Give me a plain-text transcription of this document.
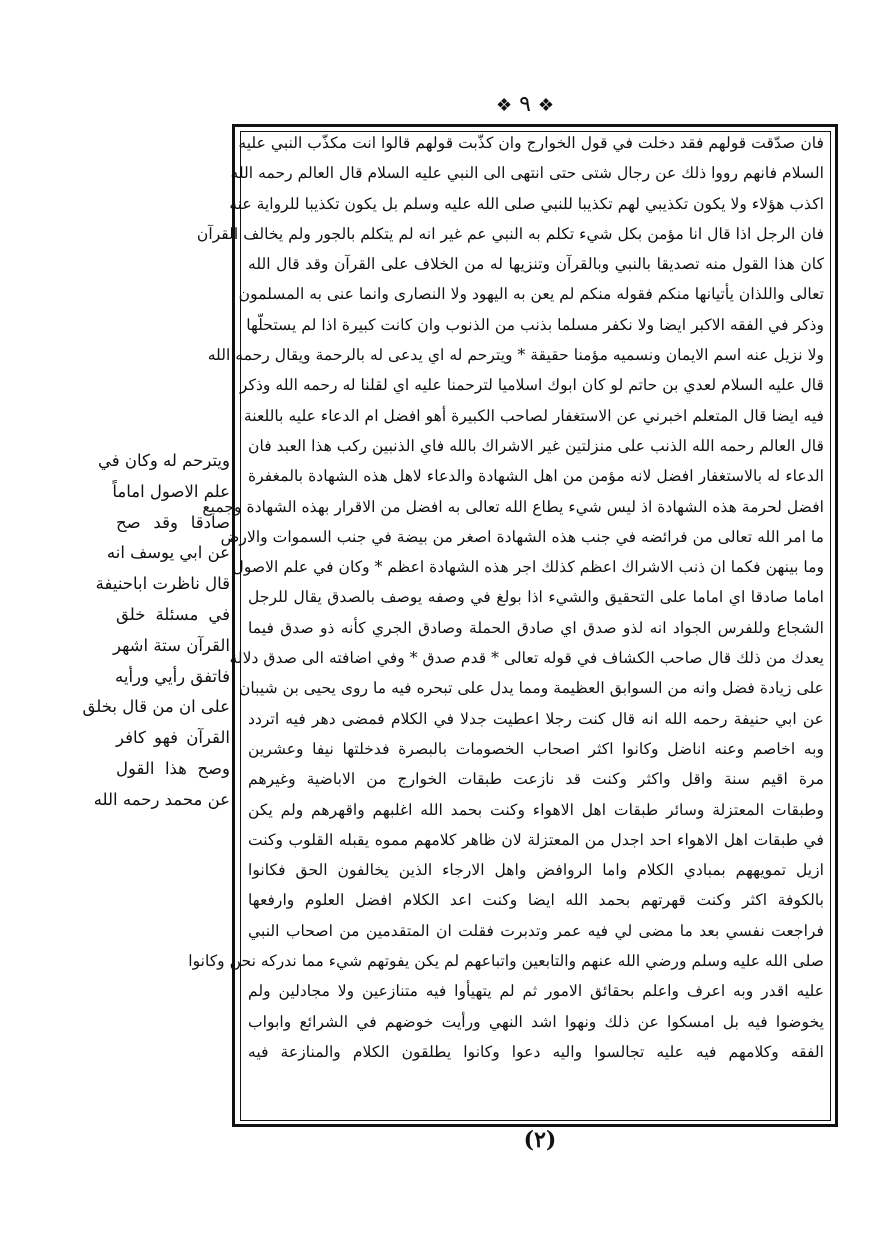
❖ ٩ ❖
فان صدّقت قولهم فقد دخلت في قول الخوارج وان كذّبت قولهم قالوا انت مكذّب النبي عليه
السلام فانهم رووا ذلك عن رجال شتى حتى انتهى الى النبي عليه السلام قال العالم رحمه الله
اكذب هؤلاء ولا يكون تكذيبي لهم تكذيبا للنبي صلى الله عليه وسلم بل يكون تكذيبا للرواية عنه
فان الرجل اذا قال انا مؤمن بكل شيء تكلم به النبي عم غير انه لم يتكلم بالجور ولم يخالف القرآن
كان هذا القول منه تصديقا بالنبي وبالقرآن وتنزيها له من الخلاف على القرآن وقد قال الله
تعالى واللذان يأتيانها منكم فقوله منكم لم يعن به اليهود ولا النصارى وانما عنى به المسلمون
وذكر في الفقه الاكبر ايضا ولا نكفر مسلما بذنب من الذنوب وان كانت كبيرة اذا لم يستحلّها
ولا نزيل عنه اسم الايمان ونسميه مؤمنا حقيقة * ويترحم له اي يدعى له بالرحمة ويقال رحمه الله
قال عليه السلام لعدي بن حاتم لو كان ابوك اسلاميا لترحمنا عليه اي لقلنا له رحمه الله وذكر
فيه ايضا قال المتعلم اخبرني عن الاستغفار لصاحب الكبيرة أهو افضل ام الدعاء عليه باللعنة
قال العالم رحمه الله الذنب على منزلتين غير الاشراك بالله فاي الذنبين ركب هذا العبد فان
الدعاء له بالاستغفار افضل لانه مؤمن من اهل الشهادة والدعاء لاهل هذه الشهادة بالمغفرة
افضل لحرمة هذه الشهادة اذ ليس شيء يطاع الله تعالى به افضل من الاقرار بهذه الشهادة وجميع
ما امر الله تعالى من فرائضه في جنب هذه الشهادة اصغر من بيضة في جنب السموات والارض
وما بينهن فكما ان ذنب الاشراك اعظم كذلك اجر هذه الشهادة اعظم * وكان في علم الاصول
اماما صادقا اي اماما على التحقيق والشيء اذا بولغ في وصفه يوصف بالصدق يقال للرجل
الشجاع وللفرس الجواد انه لذو صدق اي صادق الحملة وصادق الجري كأنه ذو صدق فيما
يعدك من ذلك قال صاحب الكشاف في قوله تعالى * قدم صدق * وفي اضافته الى صدق دلالة
على زيادة فضل وانه من السوابق العظيمة ومما يدل على تبحره فيه ما روى يحيى بن شيبان
عن ابي حنيفة رحمه الله انه قال كنت رجلا اعطيت جدلا في الكلام فمضى دهر فيه اتردد
وبه اخاصم وعنه اناضل وكانوا اكثر اصحاب الخصومات بالبصرة فدخلتها نيفا وعشرين
مرة اقيم سنة واقل واكثر وكنت قد نازعت طبقات الخوارج من الاباضية وغيرهم
وطبقات المعتزلة وسائر طبقات اهل الاهواء وكنت بحمد الله اغلبهم واقهرهم ولم يكن
في طبقات اهل الاهواء احد اجدل من المعتزلة لان ظاهر كلامهم مموه يقبله القلوب وكنت
ازيل تمويههم بمبادي الكلام واما الروافض واهل الارجاء الذين يخالفون الحق فكانوا
بالكوفة اكثر وكنت قهرتهم بحمد الله ايضا وكنت اعد الكلام افضل العلوم وارفعها
فراجعت نفسي بعد ما مضى لي فيه عمر وتدبرت فقلت ان المتقدمين من اصحاب النبي
صلى الله عليه وسلم ورضي الله عنهم والتابعين واتباعهم لم يكن يفوتهم شيء مما ندركه نحن وكانوا
عليه اقدر وبه اعرف واعلم بحقائق الامور ثم لم يتهيأوا فيه متنازعين ولا مجادلين ولم
يخوضوا فيه بل امسكوا عن ذلك ونهوا اشد النهي ورأيت خوضهم في الشرائع وابواب
الفقه وكلامهم فيه عليه تجالسوا واليه دعوا وكانوا يطلقون الكلام والمنازعة فيه
ويترحم له وكان في
علم الاصول اماماً
صادقا وقد صح
عن ابي يوسف انه
قال ناظرت اباحنيفة
في مسئلة خلق
القرآن ستة اشهر
فاتفق رأيي ورأيه
على ان من قال بخلق
القرآن فهو كافر
وصح هذا القول
عن محمد رحمه الله
(٢)
